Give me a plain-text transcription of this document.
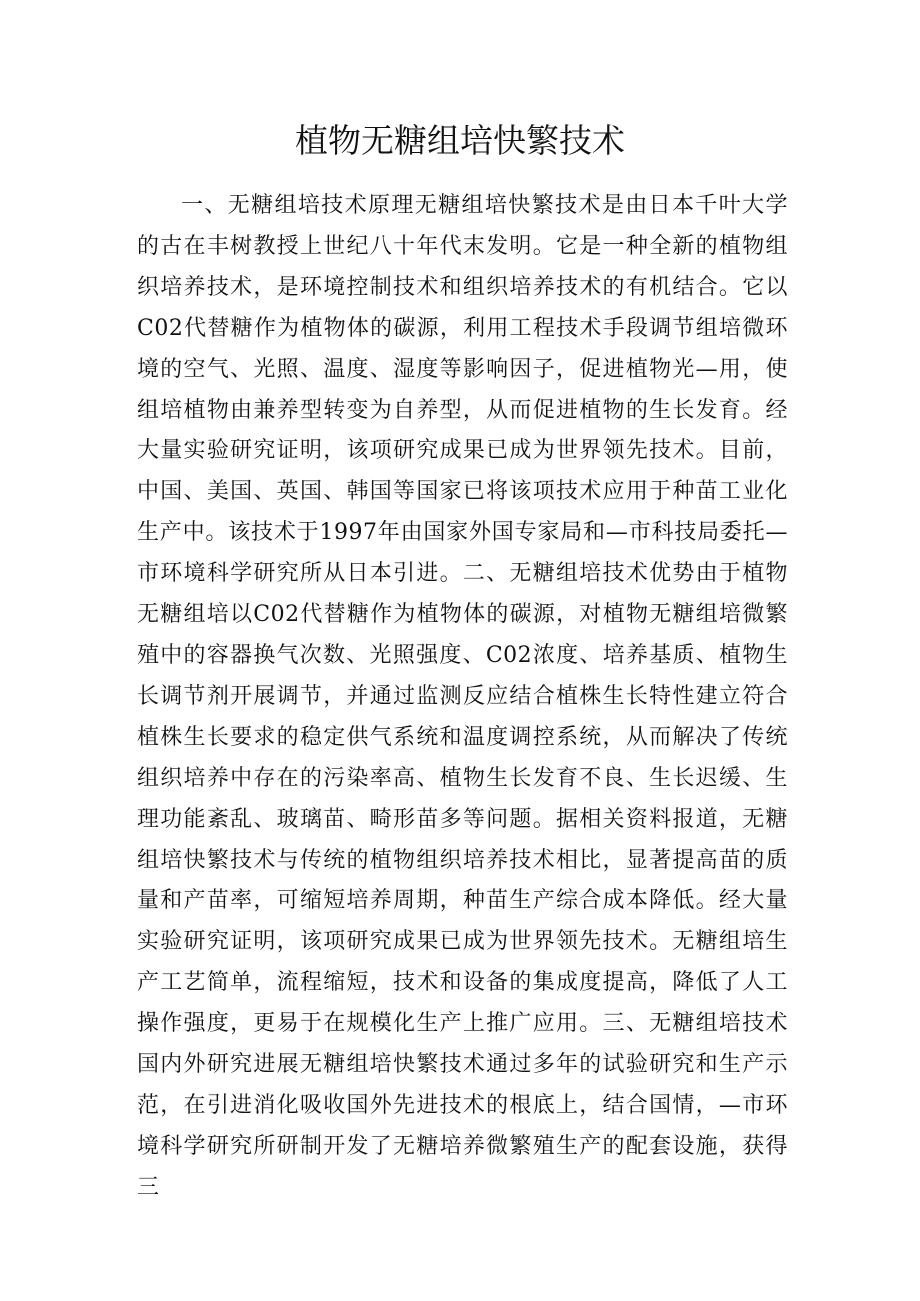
植物无糖组培快繁技术

一、无糖组培技术原理无糖组培快繁技术是由日本千叶大学的古在丰树教授上世纪八十年代末发明。它是一种全新的植物组织培养技术，是环境控制技术和组织培养技术的有机结合。它以C02代替糖作为植物体的碳源，利用工程技术手段调节组培微环境的空气、光照、温度、湿度等影响因子，促进植物光—用，使组培植物由兼养型转变为自养型，从而促进植物的生长发育。经大量实验研究证明，该项研究成果已成为世界领先技术。目前，中国、美国、英国、韩国等国家已将该项技术应用于种苗工业化生产中。该技术于1997年由国家外国专家局和—市科技局委托—市环境科学研究所从日本引进。二、无糖组培技术优势由于植物无糖组培以C02代替糖作为植物体的碳源，对植物无糖组培微繁殖中的容器换气次数、光照强度、C02浓度、培养基质、植物生长调节剂开展调节，并通过监测反应结合植株生长特性建立符合植株生长要求的稳定供气系统和温度调控系统，从而解决了传统组织培养中存在的污染率高、植物生长发育不良、生长迟缓、生理功能紊乱、玻璃苗、畸形苗多等问题。据相关资料报道，无糖组培快繁技术与传统的植物组织培养技术相比，显著提高苗的质量和产苗率，可缩短培养周期，种苗生产综合成本降低。经大量实验研究证明，该项研究成果已成为世界领先技术。无糖组培生产工艺简单，流程缩短，技术和设备的集成度提高，降低了人工操作强度，更易于在规模化生产上推广应用。三、无糖组培技术国内外研究进展无糖组培快繁技术通过多年的试验研究和生产示范，在引进消化吸收国外先进技术的根底上，结合国情，—市环境科学研究所研制开发了无糖培养微繁殖生产的配套设施，获得三
